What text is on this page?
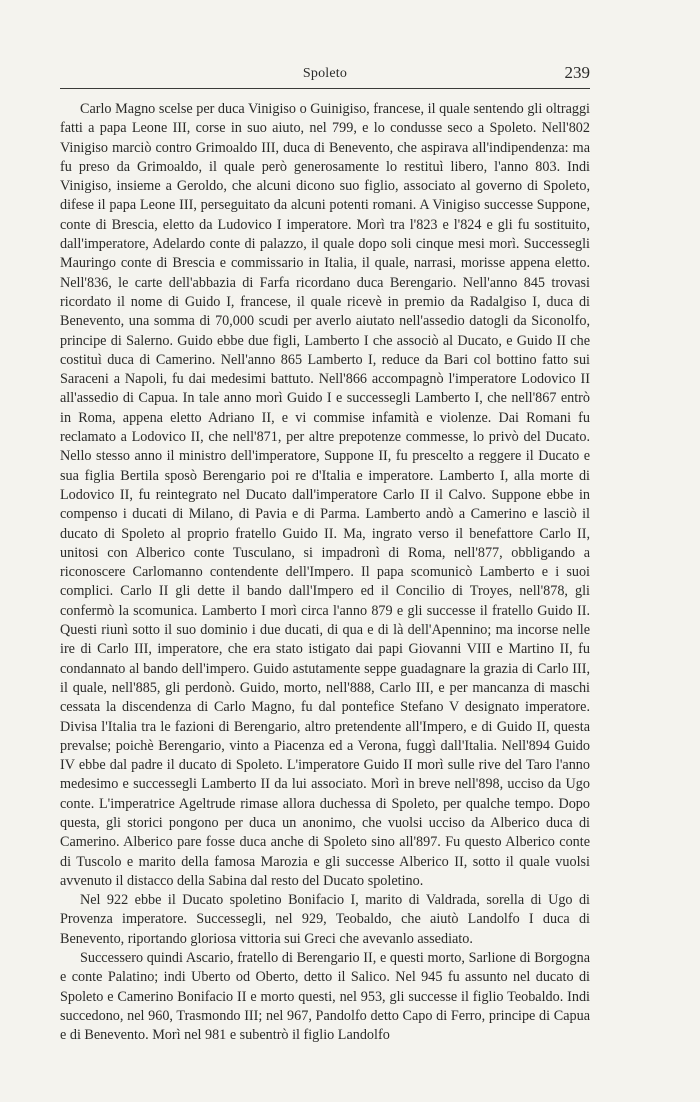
Spoleto	239

Carlo Magno scelse per duca Vinigiso o Guinigiso, francese, il quale sentendo gli oltraggi fatti a papa Leone III, corse in suo aiuto, nel 799, e lo condusse seco a Spoleto. Nell'802 Vinigiso marciò contro Grimoaldo III, duca di Benevento, che aspirava all'indipendenza: ma fu preso da Grimoaldo, il quale però generosamente lo restituì libero, l'anno 803. Indi Vinigiso, insieme a Geroldo, che alcuni dicono suo figlio, associato al governo di Spoleto, difese il papa Leone III, perseguitato da alcuni potenti romani. A Vinigiso successe Suppone, conte di Brescia, eletto da Ludovico I imperatore. Morì tra l'823 e l'824 e gli fu sostituito, dall'imperatore, Adelardo conte di palazzo, il quale dopo soli cinque mesi morì. Successegli Mauringo conte di Brescia e commissario in Italia, il quale, narrasi, morisse appena eletto. Nell'836, le carte dell'abbazia di Farfa ricordano duca Berengario. Nell'anno 845 trovasi ricordato il nome di Guido I, francese, il quale ricevè in premio da Radalgiso I, duca di Benevento, una somma di 70,000 scudi per averlo aiutato nell'assedio datogli da Siconolfo, principe di Salerno. Guido ebbe due figli, Lamberto I che associò al Ducato, e Guido II che costituì duca di Camerino. Nell'anno 865 Lamberto I, reduce da Bari col bottino fatto sui Saraceni a Napoli, fu dai medesimi battuto. Nell'866 accompagnò l'imperatore Lodovico II all'assedio di Capua. In tale anno morì Guido I e successegli Lamberto I, che nell'867 entrò in Roma, appena eletto Adriano II, e vi commise infamità e violenze. Dai Romani fu reclamato a Lodovico II, che nell'871, per altre prepotenze commesse, lo privò del Ducato. Nello stesso anno il ministro dell'imperatore, Suppone II, fu prescelto a reggere il Ducato e sua figlia Bertila sposò Berengario poi re d'Italia e imperatore. Lamberto I, alla morte di Lodovico II, fu reintegrato nel Ducato dall'imperatore Carlo II il Calvo. Suppone ebbe in compenso i ducati di Milano, di Pavia e di Parma. Lamberto andò a Camerino e lasciò il ducato di Spoleto al proprio fratello Guido II. Ma, ingrato verso il benefattore Carlo II, unitosi con Alberico conte Tusculano, si impadronì di Roma, nell'877, obbligando a riconoscere Carlomanno contendente dell'Impero. Il papa scomunicò Lamberto e i suoi complici. Carlo II gli dette il bando dall'Impero ed il Concilio di Troyes, nell'878, gli confermò la scomunica. Lamberto I morì circa l'anno 879 e gli successe il fratello Guido II. Questi riunì sotto il suo dominio i due ducati, di qua e di là dell'Apennino; ma incorse nelle ire di Carlo III, imperatore, che era stato istigato dai papi Giovanni VIII e Martino II, fu condannato al bando dell'impero. Guido astutamente seppe guadagnare la grazia di Carlo III, il quale, nell'885, gli perdonò. Guido, morto, nell'888, Carlo III, e per mancanza di maschi cessata la discendenza di Carlo Magno, fu dal pontefice Stefano V designato imperatore. Divisa l'Italia tra le fazioni di Berengario, altro pretendente all'Impero, e di Guido II, questa prevalse; poichè Berengario, vinto a Piacenza ed a Verona, fuggì dall'Italia. Nell'894 Guido IV ebbe dal padre il ducato di Spoleto. L'imperatore Guido II morì sulle rive del Taro l'anno medesimo e successegli Lamberto II da lui associato. Morì in breve nell'898, ucciso da Ugo conte. L'imperatrice Ageltrude rimase allora duchessa di Spoleto, per qualche tempo. Dopo questa, gli storici pongono per duca un anonimo, che vuolsi ucciso da Alberico duca di Camerino. Alberico pare fosse duca anche di Spoleto sino all'897. Fu questo Alberico conte di Tuscolo e marito della famosa Marozia e gli successe Alberico II, sotto il quale vuolsi avvenuto il distacco della Sabina dal resto del Ducato spoletino.

Nel 922 ebbe il Ducato spoletino Bonifacio I, marito di Valdrada, sorella di Ugo di Provenza imperatore. Successegli, nel 929, Teobaldo, che aiutò Landolfo I duca di Benevento, riportando gloriosa vittoria sui Greci che avevanlo assediato.

Successero quindi Ascario, fratello di Berengario II, e questi morto, Sarlione di Borgogna e conte Palatino; indi Uberto od Oberto, detto il Salico. Nel 945 fu assunto nel ducato di Spoleto e Camerino Bonifacio II e morto questi, nel 953, gli successe il figlio Teobaldo. Indi succedono, nel 960, Trasmondo III; nel 967, Pandolfo detto Capo di Ferro, principe di Capua e di Benevento. Morì nel 981 e subentrò il figlio Landolfo
